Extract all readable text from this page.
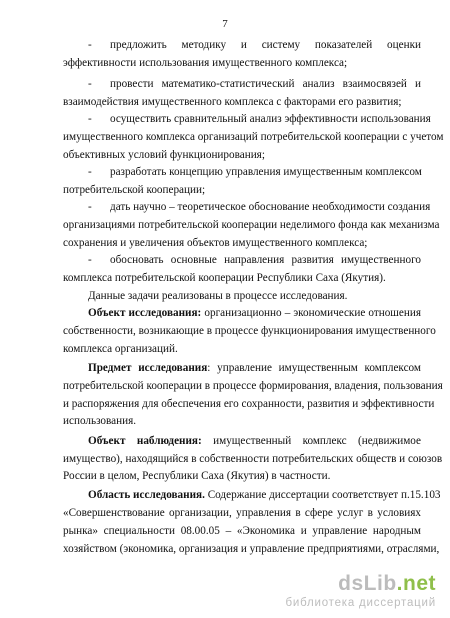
7
-
-
-
-
-
-
предложить методику и систему показателей оценки
эффективности использования имущественного комплекса;
провести математико-статистический анализ взаимосвязей и
взаимодействия имущественного комплекса с факторами его развития;
осуществить сравнительный анализ эффективности использования
имущественного комплекса организаций потребительской кооперации с учетом
объективных условий функционирования;
разработать концепцию управления имущественным комплексом
потребительской кооперации;
дать научно – теоретическое обоснование необходимости создания
организациями потребительской кооперации неделимого фонда как механизма
сохранения и увеличения объектов имущественного комплекса;
обосновать основные направления развития имущественного
комплекса потребительской кооперации Республики Саха (Якутия).
Данные задачи реализованы в процессе исследования.
Объект исследования: организационно – экономические отношения
собственности, возникающие в процессе функционирования имущественного
комплекса организаций.
Предмет исследования: управление имущественным комплексом
потребительской кооперации в процессе формирования, владения, пользования
и распоряжения для обеспечения его сохранности, развития и эффективности
использования.
Объект наблюдения: имущественный комплекс (недвижимое
имущество), находящийся в собственности потребительских обществ и союзов
России в целом, Республики Саха (Якутия) в частности.
Область исследования. Содержание диссертации соответствует п.15.103
«Совершенствование организации, управления в сфере услуг в условиях
рынка» специальности 08.00.05 – «Экономика и управление народным
хозяйством (экономика, организация и управление предприятиями, отраслями,
dsLib.net
библиотека диссертаций
